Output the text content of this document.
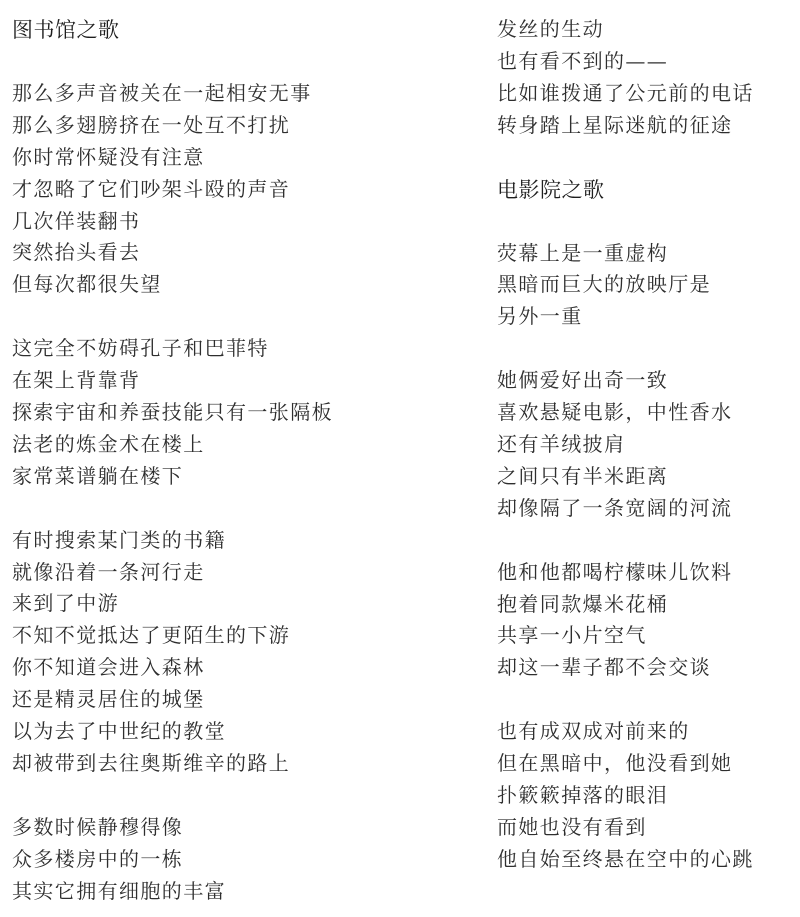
图书馆之歌
那么多声音被关在一起相安无事
那么多翅膀挤在一处互不打扰
你时常怀疑没有注意
才忽略了它们吵架斗殴的声音
几次佯装翻书
突然抬头看去
但每次都很失望
这完全不妨碍孔子和巴菲特
在架上背靠背
探索宇宙和养蚕技能只有一张隔板
法老的炼金术在楼上
家常菜谱躺在楼下
有时搜索某门类的书籍
就像沿着一条河行走
来到了中游
不知不觉抵达了更陌生的下游
你不知道会进入森林
还是精灵居住的城堡
以为去了中世纪的教堂
却被带到去往奥斯维辛的路上
多数时候静穆得像
众多楼房中的一栋
其实它拥有细胞的丰富
发丝的生动
也有看不到的——
比如谁拨通了公元前的电话
转身踏上星际迷航的征途
电影院之歌
荧幕上是一重虚构
黑暗而巨大的放映厅是
另外一重
她俩爱好出奇一致
喜欢悬疑电影，中性香水
还有羊绒披肩
之间只有半米距离
却像隔了一条宽阔的河流
他和他都喝柠檬味儿饮料
抱着同款爆米花桶
共享一小片空气
却这一辈子都不会交谈
也有成双成对前来的
但在黑暗中，他没看到她
扑簌簌掉落的眼泪
而她也没有看到
他自始至终悬在空中的心跳
